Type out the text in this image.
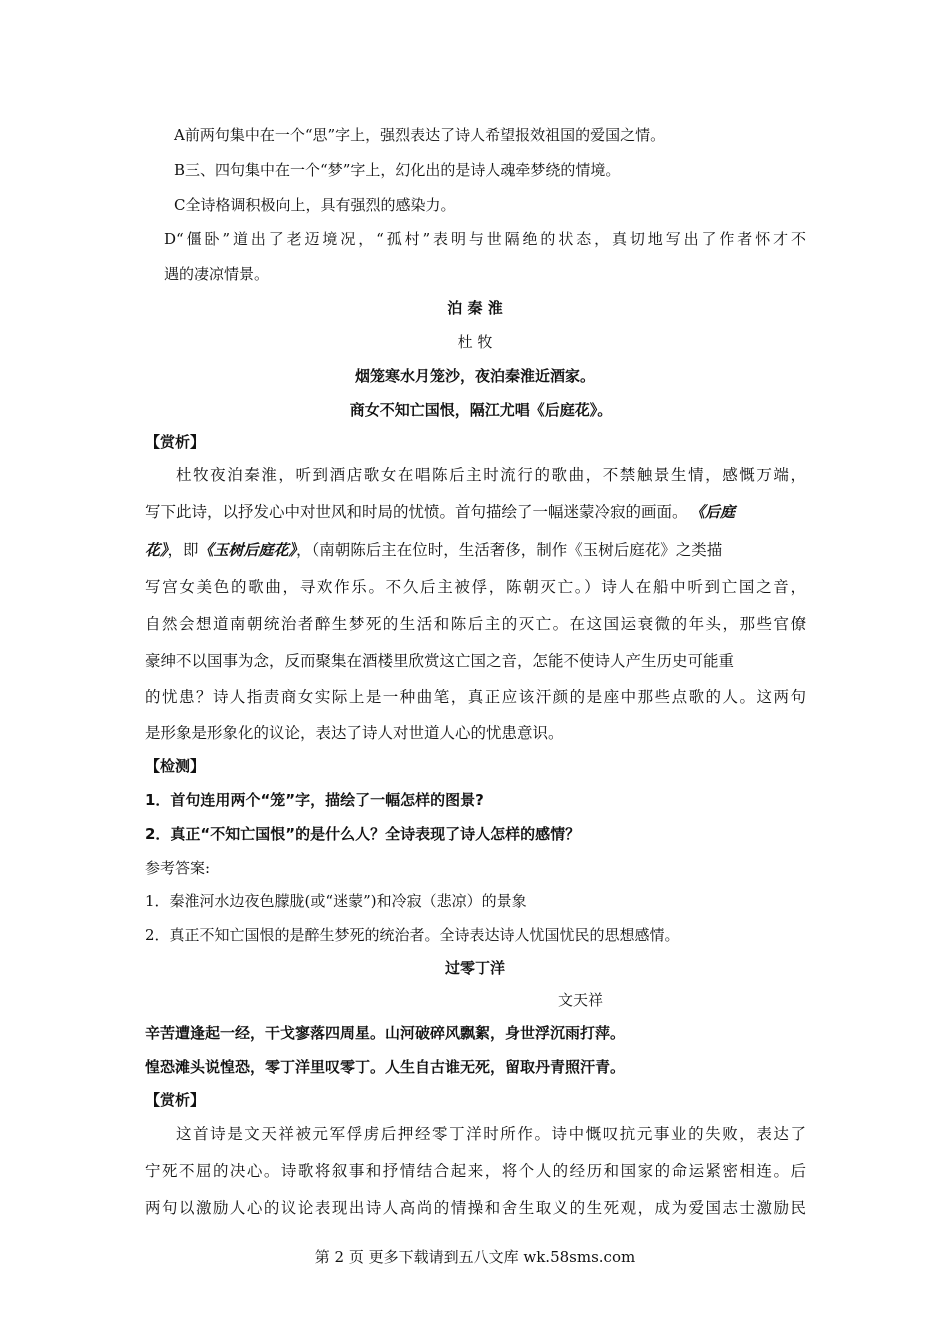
A前两句集中在一个“思”字上，强烈表达了诗人希望报效祖国的爱国之情。
B三、四句集中在一个“梦”字上，幻化出的是诗人魂牵梦绕的情境。
C全诗格调积极向上，具有强烈的感染力。
D“僵卧”道出了老迈境况，“孤村”表明与世隔绝的状态，真切地写出了作者怀才不
遇的凄凉情景。
泊 秦 淮
杜 牧
烟笼寒水月笼沙，夜泊秦淮近酒家。
商女不知亡国恨，隔江尤唱《后庭花》。
【赏析】
杜牧夜泊秦淮，听到酒店歌女在唱陈后主时流行的歌曲，不禁触景生情，感慨万端，
写下此诗，以抒发心中对世风和时局的忧愤。首句描绘了一幅迷蒙冷寂的画面。 《后庭
花》，即《玉树后庭花》，（南朝陈后主在位时，生活奢侈，制作《玉树后庭花》之类描
写宫女美色的歌曲，寻欢作乐。不久后主被俘，陈朝灭亡。）诗人在船中听到亡国之音，
自然会想道南朝统治者醉生梦死的生活和陈后主的灭亡。在这国运衰微的年头，那些官僚
豪绅不以国事为念，反而聚集在酒楼里欣赏这亡国之音，怎能不使诗人产生历史可能重
的忧患？诗人指责商女实际上是一种曲笔，真正应该汗颜的是座中那些点歌的人。这两句
是形象是形象化的议论，表达了诗人对世道人心的忧患意识。
【检测】
1．首句连用两个“笼”字，描绘了一幅怎样的图景?
2．真正“不知亡国恨”的是什么人？全诗表现了诗人怎样的感情？
参考答案:
1．秦淮河水边夜色朦胧(或“迷蒙”)和冷寂（悲凉）的景象
2．真正不知亡国恨的是醉生梦死的统治者。全诗表达诗人忧国忧民的思想感情。
过零丁洋
文天祥
辛苦遭逢起一经，干戈寥落四周星。山河破碎风飘絮，身世浮沉雨打萍。
惶恐滩头说惶恐，零丁洋里叹零丁。人生自古谁无死，留取丹青照汗青。
【赏析】
这首诗是文天祥被元军俘虏后押经零丁洋时所作。诗中慨叹抗元事业的失败，表达了
宁死不屈的决心。诗歌将叙事和抒情结合起来，将个人的经历和国家的命运紧密相连。后
两句以激励人心的议论表现出诗人高尚的情操和舍生取义的生死观，成为爱国志士激励民
第 2 页 更多下载请到五八文库 wk.58sms.com
